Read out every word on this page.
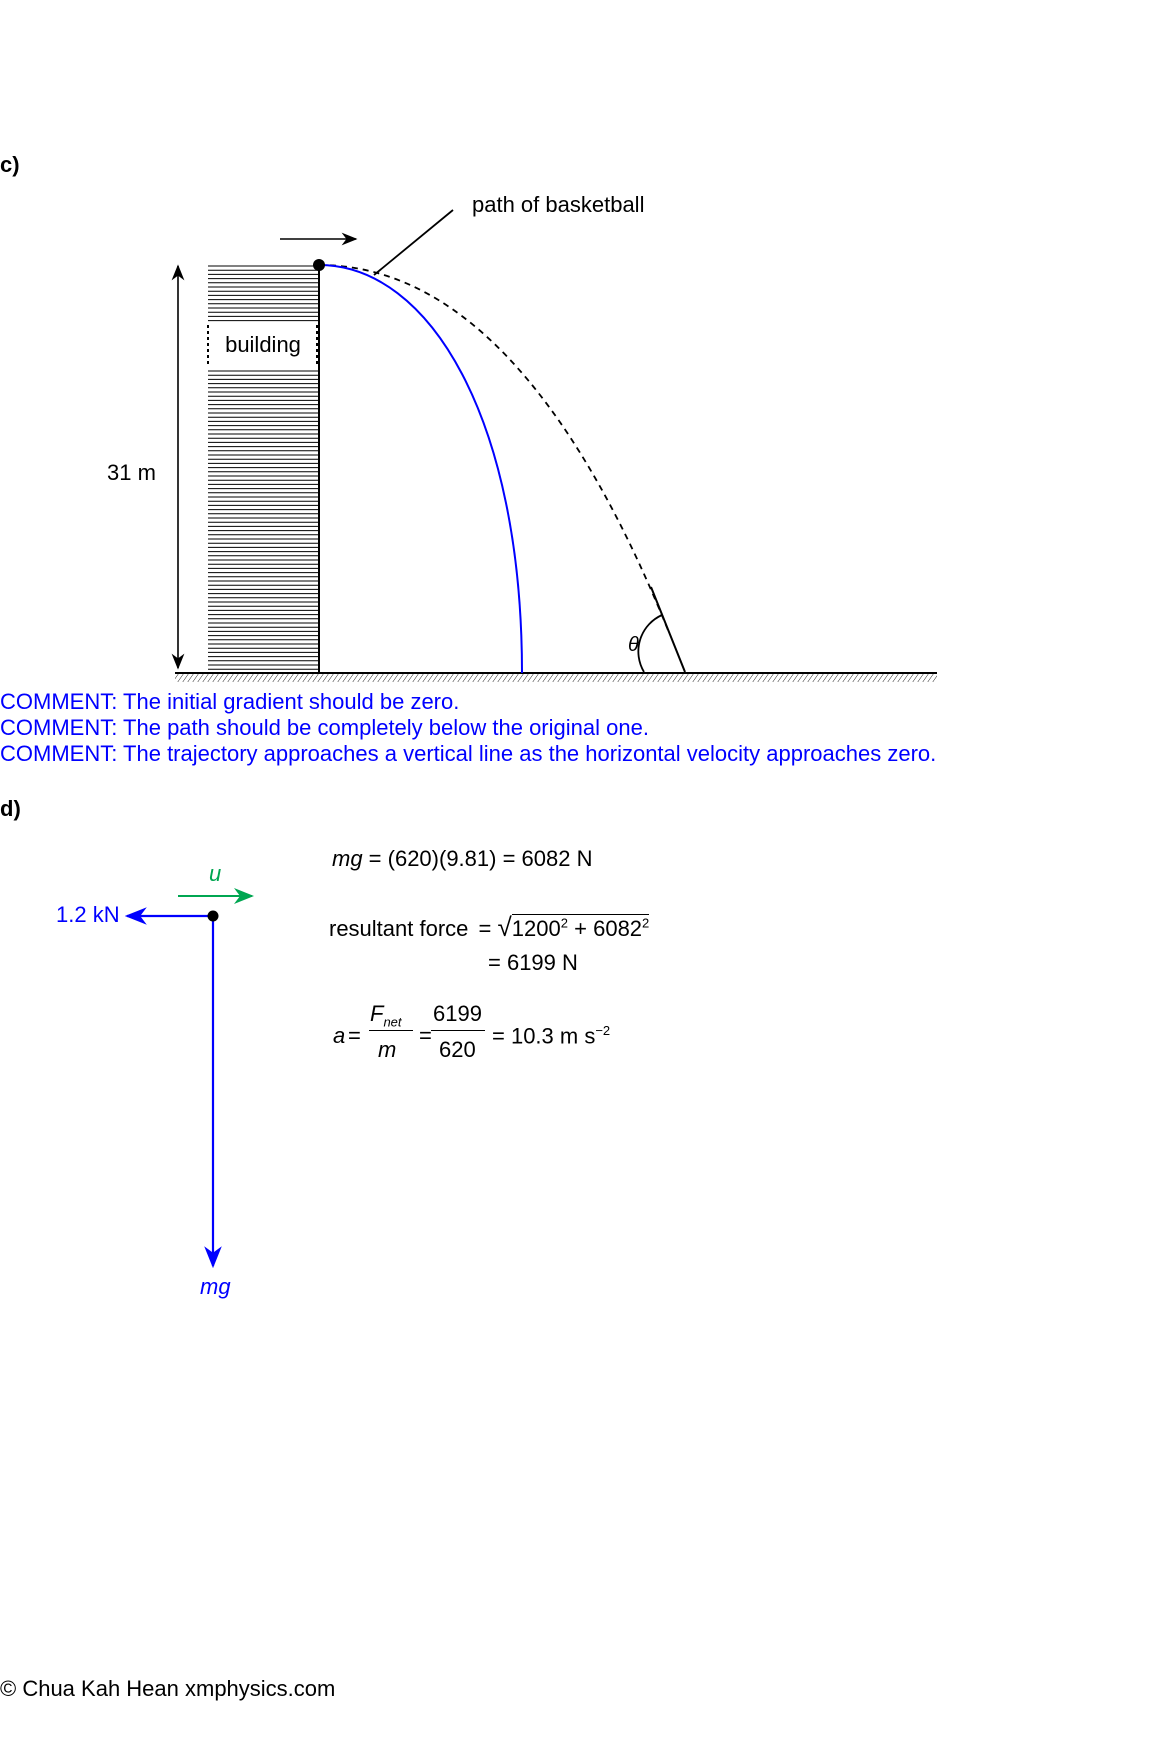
c)
building
31 m
path of basketball
θ
COMMENT: The initial gradient should be zero.
COMMENT: The path should be completely below the original one.
COMMENT: The trajectory approaches a vertical line as the horizontal velocity approaches zero.
d)
u
1.2 kN
mg
mg = (620)(9.81) = 6082 N
resultant force = $√1200^2 + 6082^2$
= 6199 N
a =
$F_{net}$
m
=
6199
620
= 10.3 m $s^{-2}$
© Chua Kah Hean xmphysics.com
